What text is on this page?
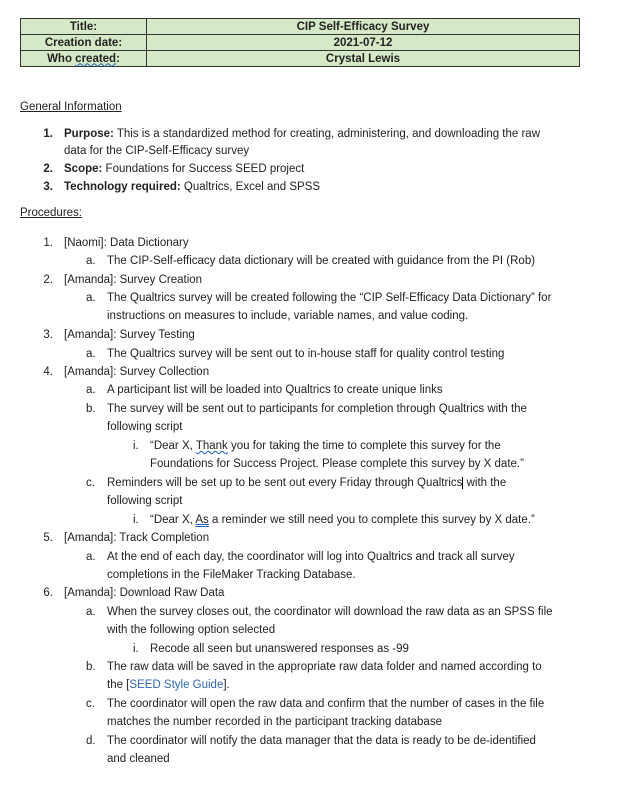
Title:	CIP Self-Efficacy Survey
Creation date:	2021-07-12
Who created:	Crystal Lewis
General Information
1. Purpose: This is a standardized method for creating, administering, and downloading the raw
data for the CIP-Self-Efficacy survey
2. Scope: Foundations for Success SEED project
3. Technology required: Qualtrics, Excel and SPSS
Procedures:
1. [Naomi]: Data Dictionary
a. The CIP-Self-efficacy data dictionary will be created with guidance from the PI (Rob)
2. [Amanda]: Survey Creation
a. The Qualtrics survey will be created following the “CIP Self-Efficacy Data Dictionary” for
instructions on measures to include, variable names, and value coding.
3. [Amanda]: Survey Testing
a. The Qualtrics survey will be sent out to in-house staff for quality control testing
4. [Amanda]: Survey Collection
a. A participant list will be loaded into Qualtrics to create unique links
b. The survey will be sent out to participants for completion through Qualtrics with the
following script
i. “Dear X, Thank you for taking the time to complete this survey for the
Foundations for Success Project. Please complete this survey by X date.”
c. Reminders will be set up to be sent out every Friday through Qualtrics with the
following script
i. “Dear X, As a reminder we still need you to complete this survey by X date.”
5. [Amanda]: Track Completion
a. At the end of each day, the coordinator will log into Qualtrics and track all survey
completions in the FileMaker Tracking Database.
6. [Amanda]: Download Raw Data
a. When the survey closes out, the coordinator will download the raw data as an SPSS file
with the following option selected
i. Recode all seen but unanswered responses as -99
b. The raw data will be saved in the appropriate raw data folder and named according to
the [SEED Style Guide].
c. The coordinator will open the raw data and confirm that the number of cases in the file
matches the number recorded in the participant tracking database
d. The coordinator will notify the data manager that the data is ready to be de-identified
and cleaned
